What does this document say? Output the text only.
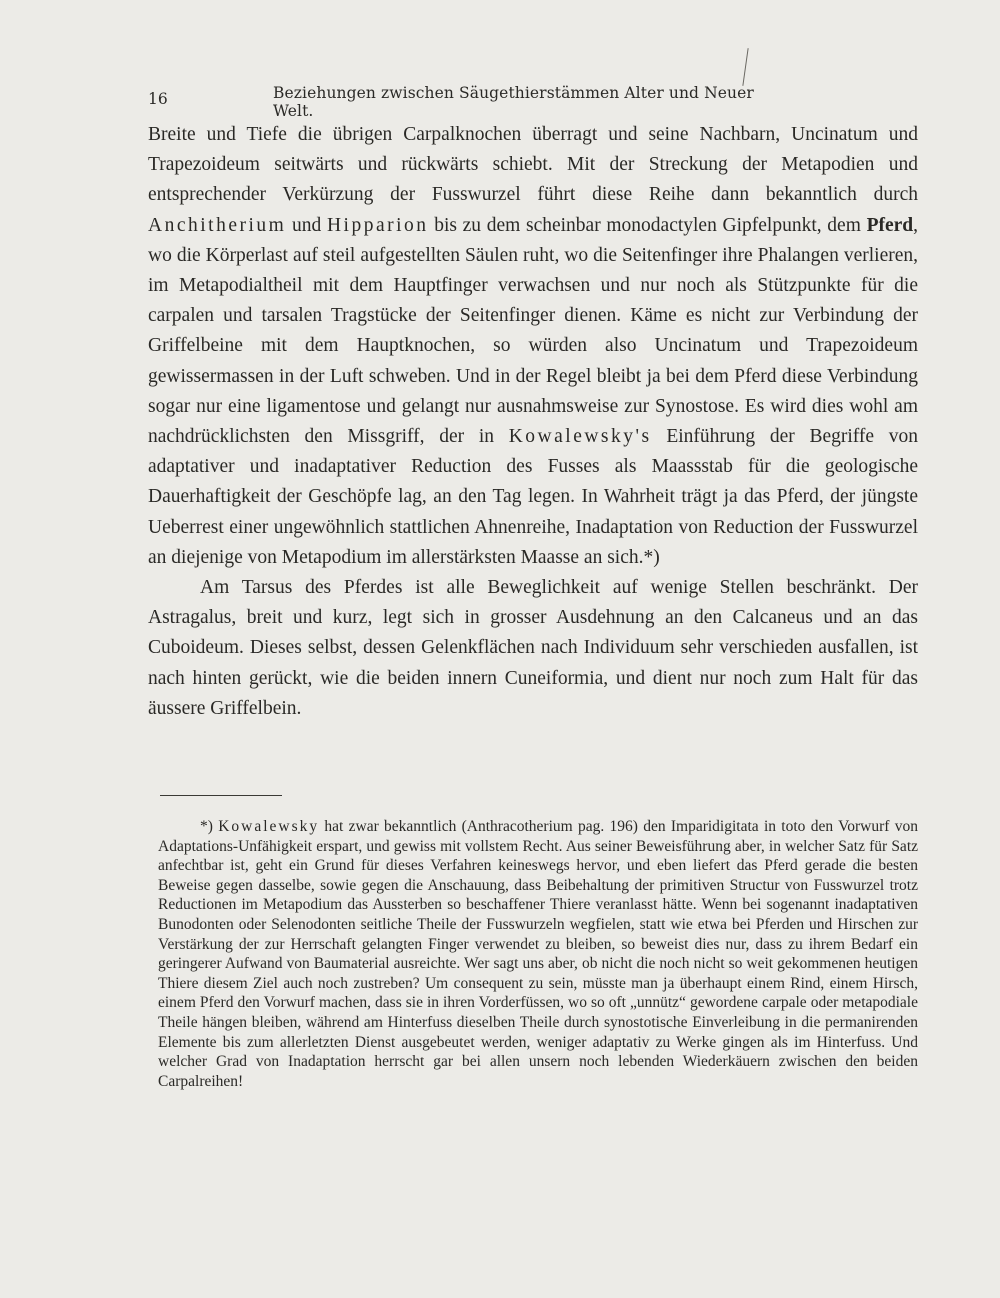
16	Beziehungen zwischen Säugethierstämmen Alter und Neuer Welt.

Breite und Tiefe die übrigen Carpalknochen überragt und seine Nachbarn, Uncinatum und Trapezoideum seitwärts und rückwärts schiebt. Mit der Streckung der Metapodien und entsprechender Verkürzung der Fusswurzel führt diese Reihe dann bekanntlich durch Anchitherium und Hipparion bis zu dem scheinbar monodactylen Gipfelpunkt, dem Pferd, wo die Körperlast auf steil aufgestellten Säulen ruht, wo die Seitenfinger ihre Phalangen verlieren, im Metapodialtheil mit dem Hauptfinger verwachsen und nur noch als Stützpunkte für die carpalen und tarsalen Tragstücke der Seitenfinger dienen. Käme es nicht zur Verbindung der Griffelbeine mit dem Hauptknochen, so würden also Uncinatum und Trapezoideum gewissermassen in der Luft schweben. Und in der Regel bleibt ja bei dem Pferd diese Verbindung sogar nur eine ligamentose und gelangt nur ausnahmsweise zur Synostose. Es wird dies wohl am nachdrücklichsten den Missgriff, der in Kowalewsky's Einführung der Begriffe von adaptativer und inadaptativer Reduction des Fusses als Maassstab für die geologische Dauerhaftigkeit der Geschöpfe lag, an den Tag legen. In Wahrheit trägt ja das Pferd, der jüngste Ueberrest einer ungewöhnlich stattlichen Ahnenreihe, Inadaptation von Reduction der Fusswurzel an diejenige von Metapodium im allerstärksten Maasse an sich.*)

Am Tarsus des Pferdes ist alle Beweglichkeit auf wenige Stellen beschränkt. Der Astragalus, breit und kurz, legt sich in grosser Ausdehnung an den Calcaneus und an das Cuboideum. Dieses selbst, dessen Gelenkflächen nach Individuum sehr verschieden ausfallen, ist nach hinten gerückt, wie die beiden innern Cuneiformia, und dient nur noch zum Halt für das äussere Griffelbein.

*) Kowalewsky hat zwar bekanntlich (Anthracotherium pag. 196) den Imparidigitata in toto den Vorwurf von Adaptations-Unfähigkeit erspart, und gewiss mit vollstem Recht. Aus seiner Beweisführung aber, in welcher Satz für Satz anfechtbar ist, geht ein Grund für dieses Verfahren keineswegs hervor, und eben liefert das Pferd gerade die besten Beweise gegen dasselbe, sowie gegen die Anschauung, dass Beibehaltung der primitiven Structur von Fusswurzel trotz Reductionen im Metapodium das Aussterben so beschaffener Thiere veranlasst hätte. Wenn bei sogenannt inadaptativen Bunodonten oder Selenodonten seitliche Theile der Fusswurzeln wegfielen, statt wie etwa bei Pferden und Hirschen zur Verstärkung der zur Herrschaft gelangten Finger verwendet zu bleiben, so beweist dies nur, dass zu ihrem Bedarf ein geringerer Aufwand von Baumaterial ausreichte. Wer sagt uns aber, ob nicht die noch nicht so weit gekommenen heutigen Thiere diesem Ziel auch noch zustreben? Um consequent zu sein, müsste man ja überhaupt einem Rind, einem Hirsch, einem Pferd den Vorwurf machen, dass sie in ihren Vorderfüssen, wo so oft „unnütz“ gewordene carpale oder metapodiale Theile hängen bleiben, während am Hinterfuss dieselben Theile durch synostotische Einverleibung in die permanirenden Elemente bis zum allerletzten Dienst ausgebeutet werden, weniger adaptativ zu Werke gingen als im Hinterfuss. Und welcher Grad von Inadaptation herrscht gar bei allen unsern noch lebenden Wiederkäuern zwischen den beiden Carpalreihen!
